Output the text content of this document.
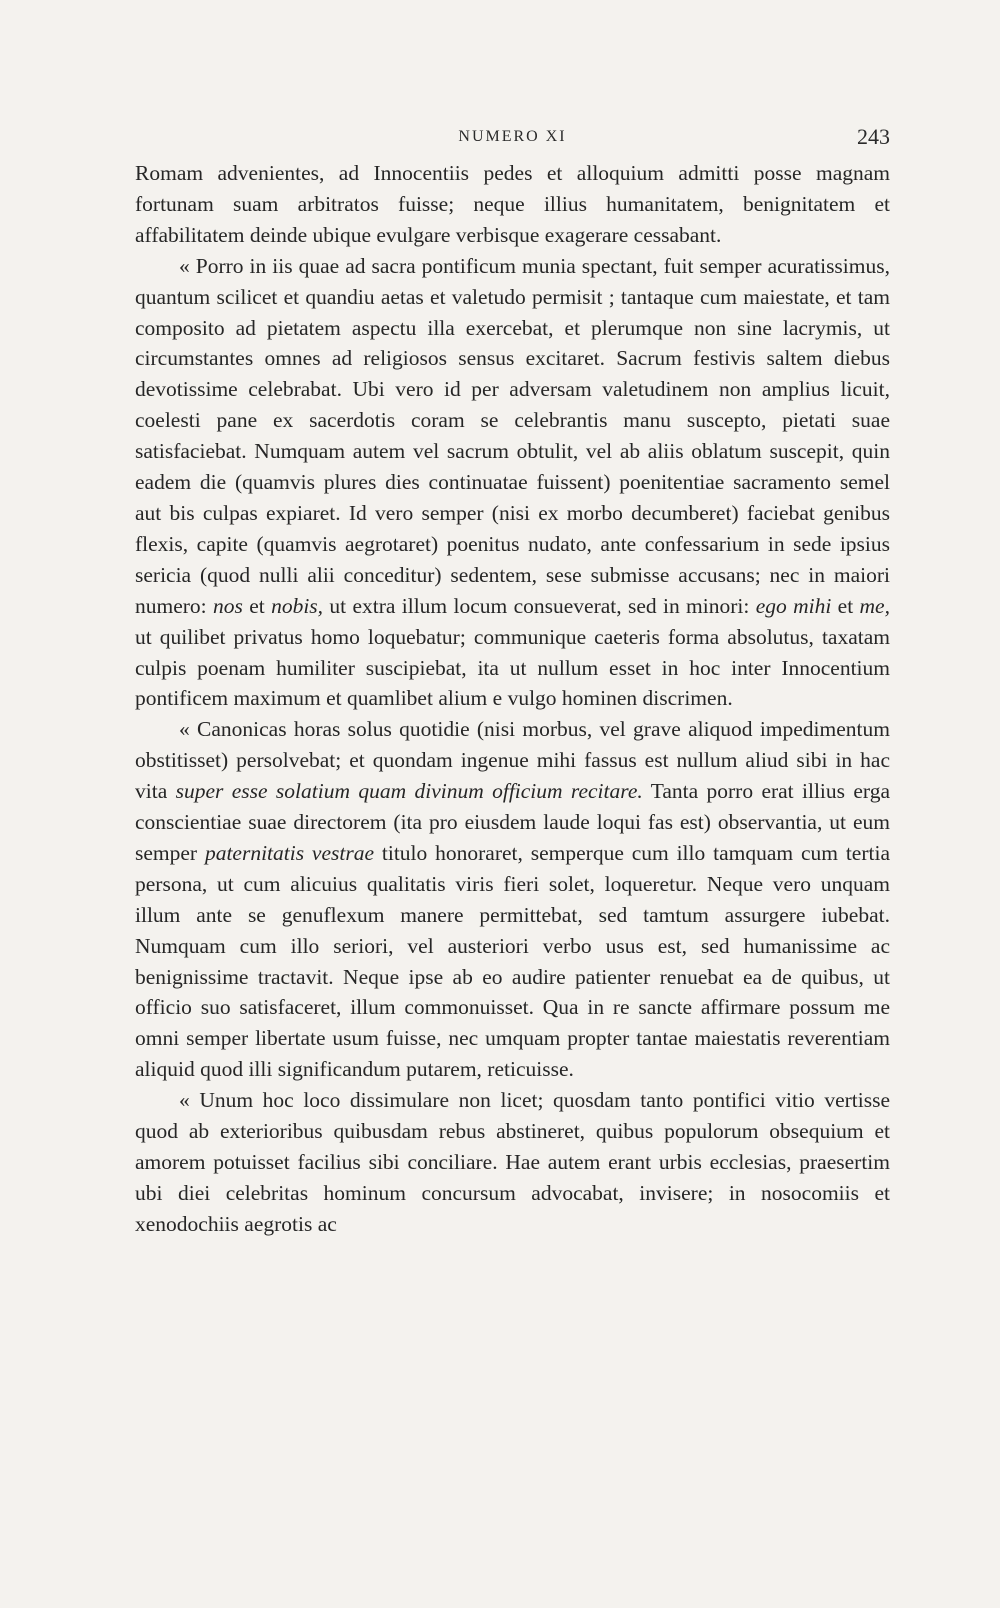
NUMERO XI	243

Romam advenientes, ad Innocentiis pedes et alloquium admitti posse magnam fortunam suam arbitratos fuisse; neque illius humanitatem, benignitatem et affabilitatem deinde ubique evulgare verbisque exagerare cessabant.

« Porro in iis quae ad sacra pontificum munia spectant, fuit semper acuratissimus, quantum scilicet et quandiu aetas et valetudo permisit ; tantaque cum maiestate, et tam composito ad pietatem aspectu illa exercebat, et plerumque non sine lacrymis, ut circumstantes omnes ad religiosos sensus excitaret. Sacrum festivis saltem diebus devotissime celebrabat. Ubi vero id per adversam valetudinem non amplius licuit, coelesti pane ex sacerdotis coram se celebrantis manu suscepto, pietati suae satisfaciebat. Numquam autem vel sacrum obtulit, vel ab aliis oblatum suscepit, quin eadem die (quamvis plures dies continuatae fuissent) poenitentiae sacramento semel aut bis culpas expiaret. Id vero semper (nisi ex morbo decumberet) faciebat genibus flexis, capite (quamvis aegrotaret) poenitus nudato, ante confessarium in sede ipsius sericia (quod nulli alii conceditur) sedentem, sese submisse accusans; nec in maiori numero: nos et nobis, ut extra illum locum consueverat, sed in minori: ego mihi et me, ut quilibet privatus homo loquebatur; communique caeteris forma absolutus, taxatam culpis poenam humiliter suscipiebat, ita ut nullum esset in hoc inter Innocentium pontificem maximum et quamlibet alium e vulgo hominen discrimen.

« Canonicas horas solus quotidie (nisi morbus, vel grave aliquod impedimentum obstitisset) persolvebat; et quondam ingenue mihi fassus est nullum aliud sibi in hac vita super esse solatium quam divinum officium recitare. Tanta porro erat illius erga conscientiae suae directorem (ita pro eiusdem laude loqui fas est) observantia, ut eum semper paternitatis vestrae titulo honoraret, semperque cum illo tamquam cum tertia persona, ut cum alicuius qualitatis viris fieri solet, loqueretur. Neque vero unquam illum ante se genuflexum manere permittebat, sed tamtum assurgere iubebat. Numquam cum illo seriori, vel austeriori verbo usus est, sed humanissime ac benignissime tractavit. Neque ipse ab eo audire patienter renuebat ea de quibus, ut officio suo satisfaceret, illum commonuisset. Qua in re sancte affirmare possum me omni semper libertate usum fuisse, nec umquam propter tantae maiestatis reverentiam aliquid quod illi significandum putarem, reticuisse.

« Unum hoc loco dissimulare non licet; quosdam tanto pontifici vitio vertisse quod ab exterioribus quibusdam rebus abstineret, quibus populorum obsequium et amorem potuisset facilius sibi conciliare. Hae autem erant urbis ecclesias, praesertim ubi diei celebritas hominum concursum advocabat, invisere; in nosocomiis et xenodochiis aegrotis ac
